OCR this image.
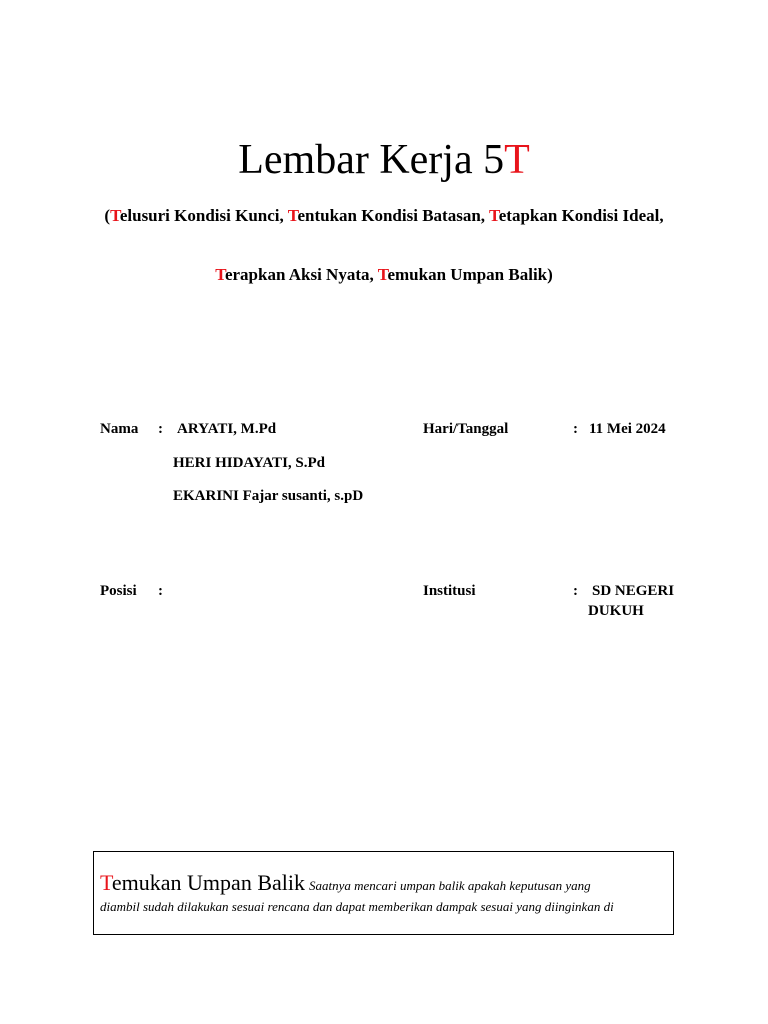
Lembar Kerja 5T
(Telusuri Kondisi Kunci, Tentukan Kondisi Batasan, Tetapkan Kondisi Ideal,
Terapkan Aksi Nyata, Temukan Umpan Balik)
Nama : ARYATI, M.Pd
HERI HIDAYATI, S.Pd
EKARINI Fajar susanti, s.pD
Hari/Tanggal	: 11 Mei 2024
Posisi :	Institusi	: SD NEGERI
DUKUH
Temukan Umpan Balik Saatnya mencari umpan balik apakah keputusan yang
diambil sudah dilakukan sesuai rencana dan dapat memberikan dampak sesuai yang diinginkan di
